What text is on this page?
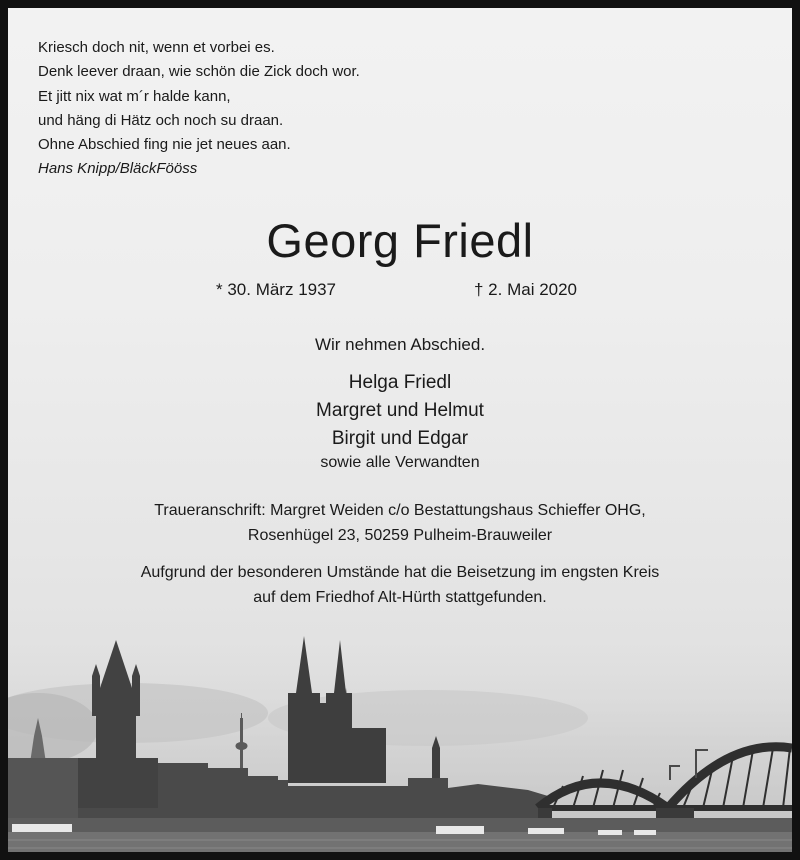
Kriesch doch nit, wenn et vorbei es.
Denk leever draan, wie schön die Zick doch wor.
Et jitt nix wat m´r halde kann,
und häng di Hätz och noch su draan.
Ohne Abschied fing nie jet neues aan.
Hans Knipp/BläckFööss
Georg Friedl
* 30. März 1937	† 2. Mai 2020
Wir nehmen Abschied.
Helga Friedl
Margret und Helmut
Birgit und Edgar
sowie alle Verwandten
Traueranschrift: Margret Weiden c/o Bestattungshaus Schieffer OHG,
Rosenhügel 23, 50259 Pulheim-Brauweiler
Aufgrund der besonderen Umstände hat die Beisetzung im engsten Kreis
auf dem Friedhof Alt-Hürth stattgefunden.
